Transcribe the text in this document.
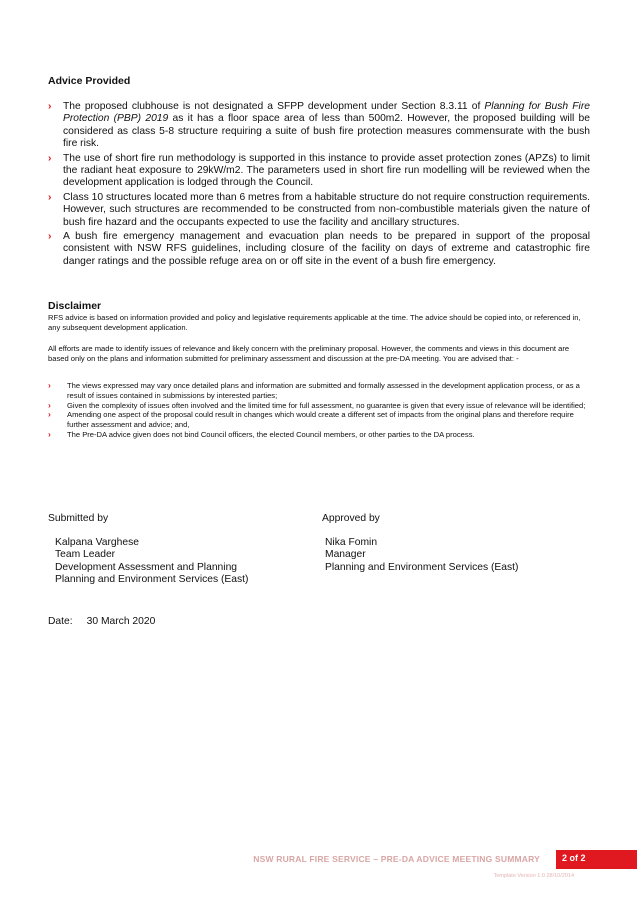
Advice Provided
› The proposed clubhouse is not designated a SFPP development under Section 8.3.11 of Planning for Bush Fire Protection (PBP) 2019 as it has a floor space area of less than 500m2. However, the proposed building will be considered as class 5-8 structure requiring a suite of bush fire protection measures commensurate with the bush fire risk.
› The use of short fire run methodology is supported in this instance to provide asset protection zones (APZs) to limit the radiant heat exposure to 29kW/m2. The parameters used in short fire run modelling will be reviewed when the development application is lodged through the Council.
› Class 10 structures located more than 6 metres from a habitable structure do not require construction requirements. However, such structures are recommended to be constructed from non-combustible materials given the nature of bush fire hazard and the occupants expected to use the facility and ancillary structures.
› A bush fire emergency management and evacuation plan needs to be prepared in support of the proposal consistent with NSW RFS guidelines, including closure of the facility on days of extreme and catastrophic fire danger ratings and the possible refuge area on or off site in the event of a bush fire emergency.
Disclaimer
RFS advice is based on information provided and policy and legislative requirements applicable at the time. The advice should be copied into, or referenced in, any subsequent development application.
All efforts are made to identify issues of relevance and likely concern with the preliminary proposal. However, the comments and views in this document are based only on the plans and information submitted for preliminary assessment and discussion at the pre-DA meeting. You are advised that: -
› The views expressed may vary once detailed plans and information are submitted and formally assessed in the development application process, or as a result of issues contained in submissions by interested parties;
› Given the complexity of issues often involved and the limited time for full assessment, no guarantee is given that every issue of relevance will be identified;
› Amending one aspect of the proposal could result in changes which would create a different set of impacts from the original plans and therefore require further assessment and advice; and,
› The Pre-DA advice given does not bind Council officers, the elected Council members, or other parties to the DA process.
Submitted by	Approved by
Kalpana Varghese
Team Leader
Development Assessment and Planning
Planning and Environment Services (East)
Nika Fomin
Manager
Planning and Environment Services (East)
Date: 30 March 2020
NSW RURAL FIRE SERVICE – PRE-DA ADVICE MEETING SUMMARY	2 of 2
Template Version 1.0 28/10/2014
